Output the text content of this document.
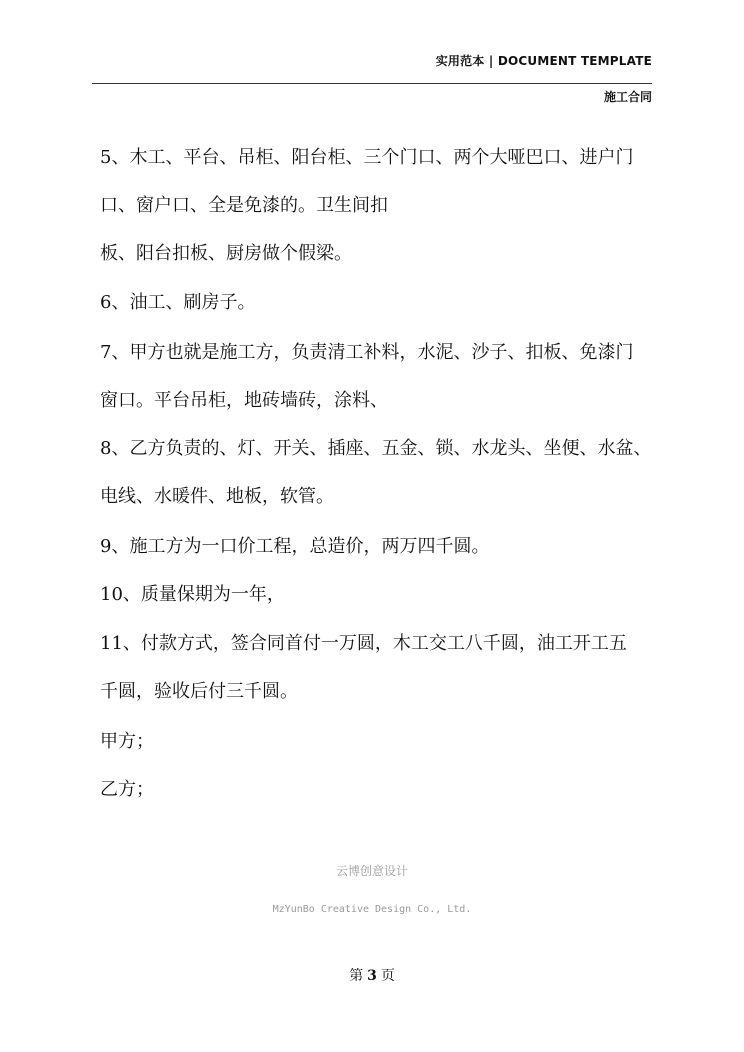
实用范本 | DOCUMENT TEMPLATE
施工合同
5、木工、平台、吊柜、阳台柜、三个门口、两个大哑巴口、进户门
口、窗户口、全是免漆的。卫生间扣
板、阳台扣板、厨房做个假梁。
6、油工、刷房子。
7、甲方也就是施工方，负责清工补料，水泥、沙子、扣板、免漆门
窗口。平台吊柜，地砖墙砖，涂料、
8、乙方负责的、灯、开关、插座、五金、锁、水龙头、坐便、水盆、
电线、水暖件、地板，软管。
9、施工方为一口价工程，总造价，两万四千圆。
10、质量保期为一年，
11、付款方式，签合同首付一万圆，木工交工八千圆，油工开工五
千圆，验收后付三千圆。
甲方；
乙方；
云博创意设计
MzYunBo Creative Design Co., Ltd.
第 3 页
